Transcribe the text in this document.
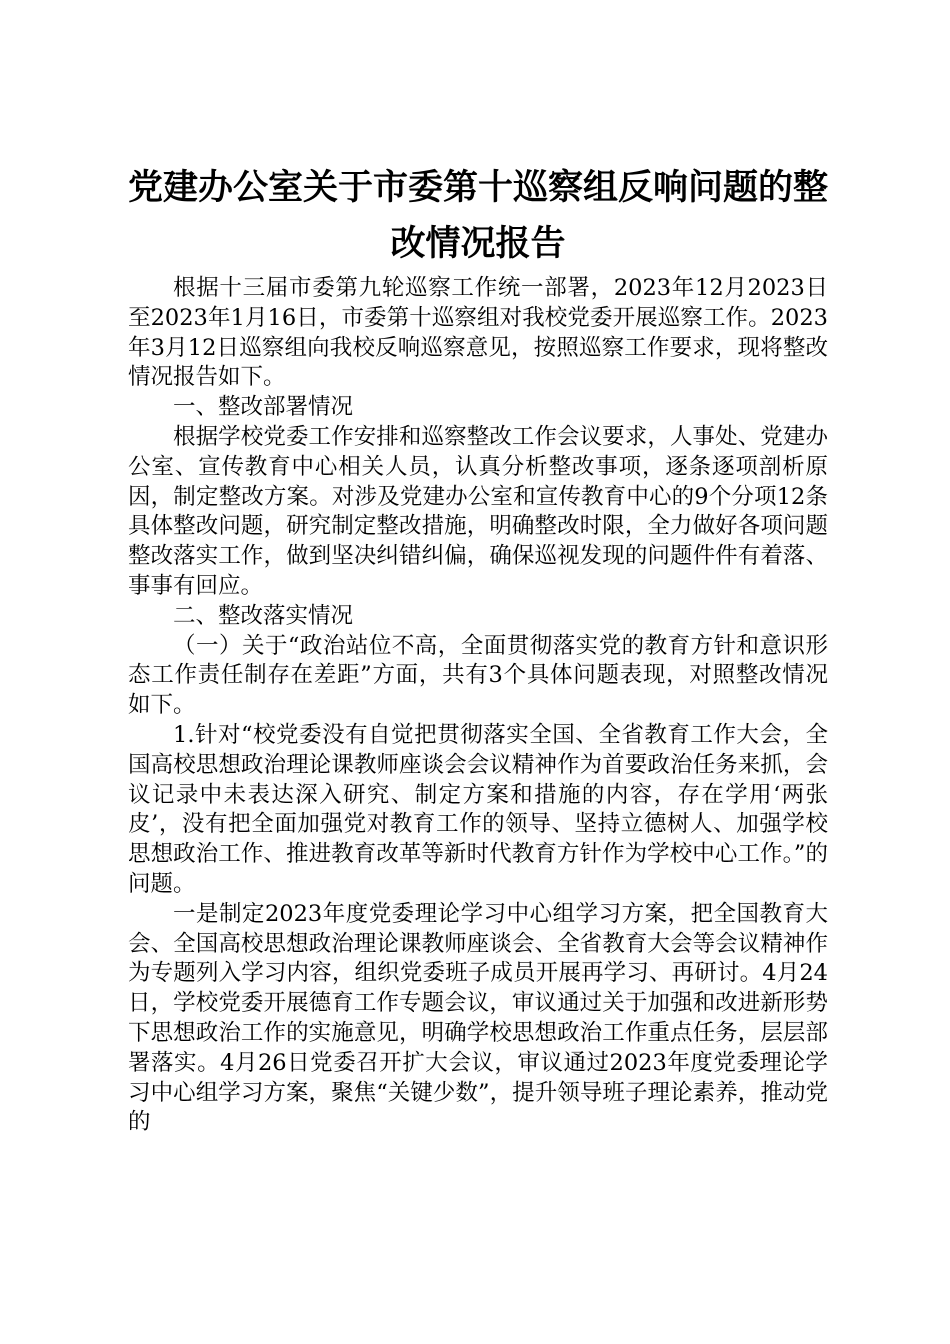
党建办公室关于市委第十巡察组反响问题的整
改情况报告

根据十三届市委第九轮巡察工作统一部署，2023年12月2023日至2023年1月16日，市委第十巡察组对我校党委开展巡察工作。2023年3月12日巡察组向我校反响巡察意见，按照巡察工作要求，现将整改情况报告如下。

一、整改部署情况

根据学校党委工作安排和巡察整改工作会议要求，人事处、党建办公室、宣传教育中心相关人员，认真分析整改事项，逐条逐项剖析原因，制定整改方案。对涉及党建办公室和宣传教育中心的9个分项12条具体整改问题，研究制定整改措施，明确整改时限，全力做好各项问题整改落实工作，做到坚决纠错纠偏，确保巡视发现的问题件件有着落、事事有回应。

二、整改落实情况

（一）关于“政治站位不高，全面贯彻落实党的教育方针和意识形态工作责任制存在差距”方面，共有3个具体问题表现，对照整改情况如下。

1.针对“校党委没有自觉把贯彻落实全国、全省教育工作大会，全国高校思想政治理论课教师座谈会会议精神作为首要政治任务来抓，会议记录中未表达深入研究、制定方案和措施的内容，存在学用‘两张皮’，没有把全面加强党对教育工作的领导、坚持立德树人、加强学校思想政治工作、推进教育改革等新时代教育方针作为学校中心工作。”的问题。

一是制定2023年度党委理论学习中心组学习方案，把全国教育大会、全国高校思想政治理论课教师座谈会、全省教育大会等会议精神作为专题列入学习内容，组织党委班子成员开展再学习、再研讨。4月24日，学校党委开展德育工作专题会议，审议通过关于加强和改进新形势下思想政治工作的实施意见，明确学校思想政治工作重点任务，层层部署落实。4月26日党委召开扩大会议，审议通过2023年度党委理论学习中心组学习方案，聚焦“关键少数”，提升领导班子理论素养，推动党的
